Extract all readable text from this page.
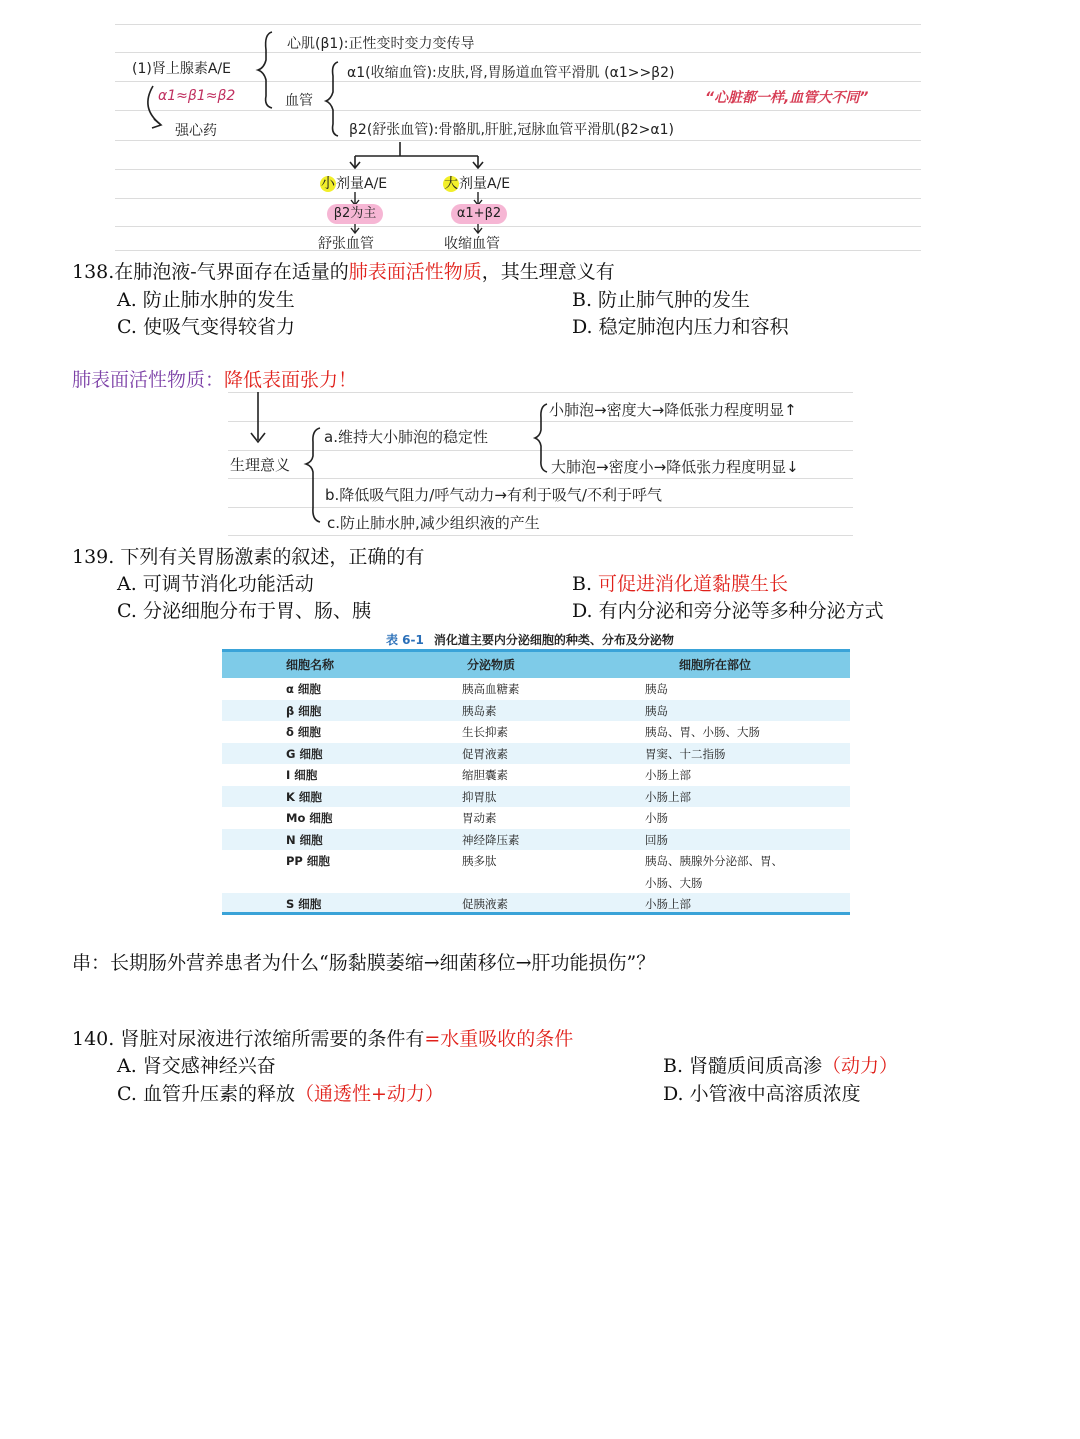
(1)肾上腺素A/E
心肌(β1):正性变时变力变传导
血管
α1(收缩血管):皮肤,肾,胃肠道血管平滑肌 (α1>>β2)
β2(舒张血管):骨骼肌,肝脏,冠脉血管平滑肌(β2>α1)
α1≈β1≈β2
强心药
“心脏都一样,血管大不同”
小剂量A/E	大剂量A/E
β2为主	α1+β2
舒张血管	收缩血管
138.在肺泡液-气界面存在适量的肺表面活性物质，其生理意义有
A. 防止肺水肿的发生	B. 防止肺气肿的发生
C. 使吸气变得较省力	D. 稳定肺泡内压力和容积
肺表面活性物质：降低表面张力！
生理意义
a.维持大小肺泡的稳定性
小肺泡→密度大→降低张力程度明显↑
大肺泡→密度小→降低张力程度明显↓
b.降低吸气阻力/呼气动力→有利于吸气/不利于呼气
c.防止肺水肿,减少组织液的产生
139. 下列有关胃肠激素的叙述，正确的有
A. 可调节消化功能活动	B. 可促进消化道黏膜生长
C. 分泌细胞分布于胃、肠、胰	D. 有内分泌和旁分泌等多种分泌方式
表 6-1 消化道主要内分泌细胞的种类、分布及分泌物
细胞名称	分泌物质	细胞所在部位
α 细胞	胰高血糖素	胰岛
β 细胞	胰岛素	胰岛
δ 细胞	生长抑素	胰岛、胃、小肠、大肠
G 细胞	促胃液素	胃窦、十二指肠
I 细胞	缩胆囊素	小肠上部
K 细胞	抑胃肽	小肠上部
Mo 细胞	胃动素	小肠
N 细胞	神经降压素	回肠
PP 细胞	胰多肽	胰岛、胰腺外分泌部、胃、
小肠、大肠
S 细胞	促胰液素	小肠上部
串：长期肠外营养患者为什么“肠黏膜萎缩→细菌移位→肝功能损伤”？
140. 肾脏对尿液进行浓缩所需要的条件有=水重吸收的条件
A. 肾交感神经兴奋	B. 肾髓质间质高渗（动力）
C. 血管升压素的释放（通透性+动力）	D. 小管液中高溶质浓度
